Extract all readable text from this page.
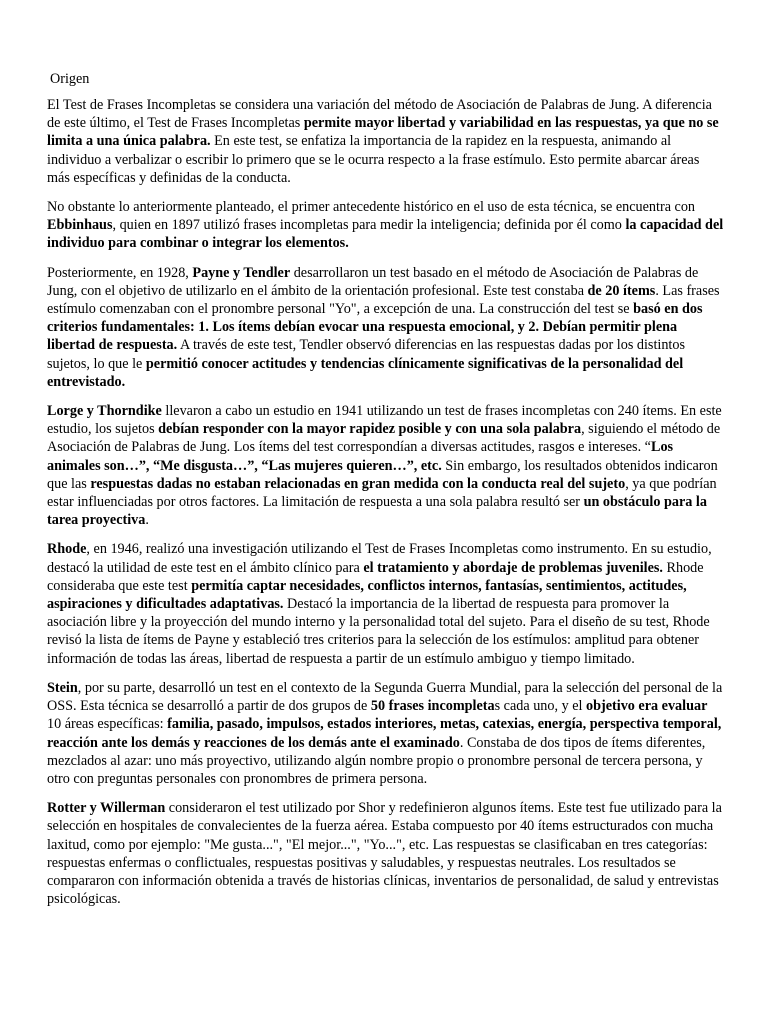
Origen

El Test de Frases Incompletas se considera una variación del método de Asociación de Palabras de Jung. A diferencia de este último, el Test de Frases Incompletas permite mayor libertad y variabilidad en las respuestas, ya que no se limita a una única palabra. En este test, se enfatiza la importancia de la rapidez en la respuesta, animando al individuo a verbalizar o escribir lo primero que se le ocurra respecto a la frase estímulo. Esto permite abarcar áreas más específicas y definidas de la conducta.

No obstante lo anteriormente planteado, el primer antecedente histórico en el uso de esta técnica, se encuentra con Ebbinhaus, quien en 1897 utilizó frases incompletas para medir la inteligencia; definida por él como la capacidad del individuo para combinar o integrar los elementos.

Posteriormente, en 1928, Payne y Tendler desarrollaron un test basado en el método de Asociación de Palabras de Jung, con el objetivo de utilizarlo en el ámbito de la orientación profesional. Este test constaba de 20 ítems. Las frases estímulo comenzaban con el pronombre personal "Yo", a excepción de una. La construcción del test se basó en dos criterios fundamentales: 1. Los ítems debían evocar una respuesta emocional, y 2. Debían permitir plena libertad de respuesta. A través de este test, Tendler observó diferencias en las respuestas dadas por los distintos sujetos, lo que le permitió conocer actitudes y tendencias clínicamente significativas de la personalidad del entrevistado.

Lorge y Thorndike llevaron a cabo un estudio en 1941 utilizando un test de frases incompletas con 240 ítems. En este estudio, los sujetos debían responder con la mayor rapidez posible y con una sola palabra, siguiendo el método de Asociación de Palabras de Jung. Los ítems del test correspondían a diversas actitudes, rasgos e intereses. “Los animales son…”, “Me disgusta…”, “Las mujeres quieren…”, etc. Sin embargo, los resultados obtenidos indicaron que las respuestas dadas no estaban relacionadas en gran medida con la conducta real del sujeto, ya que podrían estar influenciadas por otros factores. La limitación de respuesta a una sola palabra resultó ser un obstáculo para la tarea proyectiva.

Rhode, en 1946, realizó una investigación utilizando el Test de Frases Incompletas como instrumento. En su estudio, destacó la utilidad de este test en el ámbito clínico para el tratamiento y abordaje de problemas juveniles. Rhode consideraba que este test permitía captar necesidades, conflictos internos, fantasías, sentimientos, actitudes, aspiraciones y dificultades adaptativas. Destacó la importancia de la libertad de respuesta para promover la asociación libre y la proyección del mundo interno y la personalidad total del sujeto. Para el diseño de su test, Rhode revisó la lista de ítems de Payne y estableció tres criterios para la selección de los estímulos: amplitud para obtener información de todas las áreas, libertad de respuesta a partir de un estímulo ambiguo y tiempo limitado.

Stein, por su parte, desarrolló un test en el contexto de la Segunda Guerra Mundial, para la selección del personal de la OSS. Esta técnica se desarrolló a partir de dos grupos de 50 frases incompletas cada uno, y el objetivo era evaluar 10 áreas específicas: familia, pasado, impulsos, estados interiores, metas, catexias, energía, perspectiva temporal, reacción ante los demás y reacciones de los demás ante el examinado. Constaba de dos tipos de ítems diferentes, mezclados al azar: uno más proyectivo, utilizando algún nombre propio o pronombre personal de tercera persona, y otro con preguntas personales con pronombres de primera persona.

Rotter y Willerman consideraron el test utilizado por Shor y redefinieron algunos ítems. Este test fue utilizado para la selección en hospitales de convalecientes de la fuerza aérea. Estaba compuesto por 40 ítems estructurados con mucha laxitud, como por ejemplo: "Me gusta...", "El mejor...", "Yo...", etc. Las respuestas se clasificaban en tres categorías: respuestas enfermas o conflictuales, respuestas positivas y saludables, y respuestas neutrales. Los resultados se compararon con información obtenida a través de historias clínicas, inventarios de personalidad, de salud y entrevistas psicológicas.
